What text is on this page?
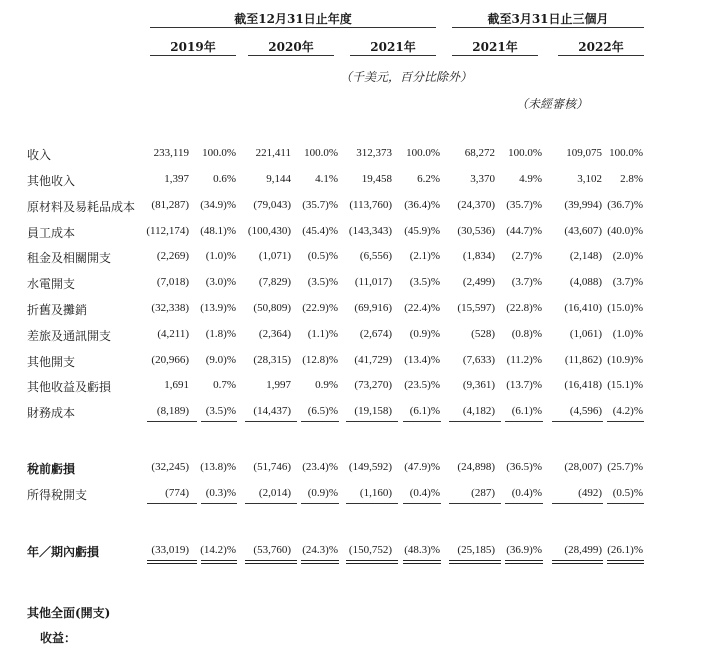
截至12月31日止年度	截至3月31日止三個月
2019年	2020年	2021年	2021年	2022年
（千美元，百分比除外）
（未經審核）
收入	233,119 100.0% 221,411 100.0% 312,373 100.0% 68,272 100.0% 109,075 100.0%
其他收入	1,397 0.6%	9,144 4.1% 19,458 6.2%	3,370 4.9%	3,102 2.8%
原材料及易耗品成本 (81,287) (34.9)% (79,043) (35.7)% (113,760) (36.4)% (24,370) (35.7)% (39,994) (36.7)%
員工成本	(112,174) (48.1)% (100,430) (45.4)% (143,343) (45.9)% (30,536) (44.7)% (43,607) (40.0)%
租金及相關開支	(2,269) (1.0)% (1,071) (0.5)% (6,556) (2.1)% (1,834) (2.7)%	(2,148) (2.0)%
水電開支	(7,018) (3.0)% (7,829) (3.5)% (11,017) (3.5)% (2,499) (3.7)%	(4,088) (3.7)%
折舊及攤銷	(32,338) (13.9)% (50,809) (22.9)% (69,916) (22.4)% (15,597) (22.8)% (16,410) (15.0)%
差旅及通訊開支	(4,211) (1.8)% (2,364) (1.1)% (2,674) (0.9)%	(528) (0.8)%	(1,061) (1.0)%
其他開支	(20,966) (9.0)% (28,315) (12.8)% (41,729) (13.4)% (7,633) (11.2)% (11,862) (10.9)%
其他收益及虧損	1,691 0.7%	1,997 0.9% (73,270) (23.5)% (9,361) (13.7)% (16,418) (15.1)%
財務成本	(8,189) (3.5)% (14,437) (6.5)% (19,158) (6.1)% (4,182) (6.1)%	(4,596) (4.2)%
稅前虧損	(32,245) (13.8)% (51,746) (23.4)% (149,592) (47.9)% (24,898) (36.5)% (28,007) (25.7)%
所得稅開支	(774) (0.3)% (2,014) (0.9)% (1,160) (0.4)%	(287) (0.4)%	(492) (0.5)%
年／期內虧損	(33,019) (14.2)% (53,760) (24.3)% (150,752) (48.3)% (25,185) (36.9)% (28,499) (26.1)%
其他全面(開支)
收益：
